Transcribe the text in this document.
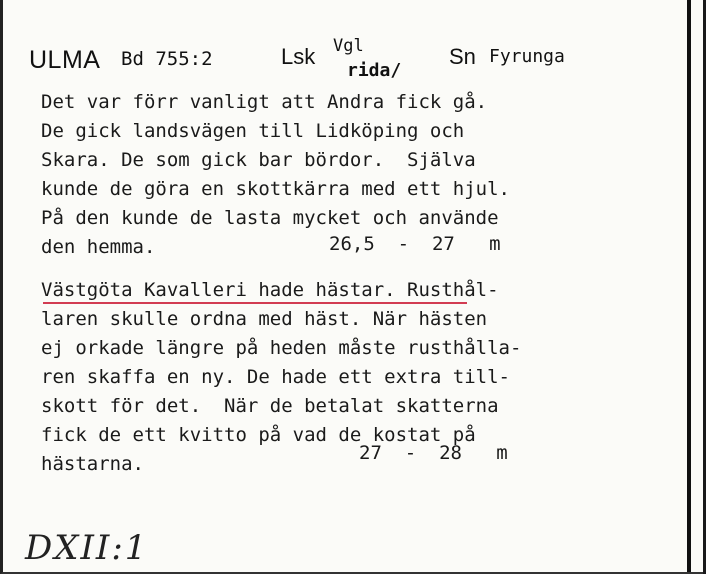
ULMA Bd 755:2	Lsk Vgl
rida/
Sn Fyrunga
Det var förr vanligt att Andra fick gå.
De gick landsvägen till Lidköping och
Skara. De som gick bar bördor.  Själva
kunde de göra en skottkärra med ett hjul.
På den kunde de lasta mycket och använde
den hemma.	26,5  -  27   m
Västgöta Kavalleri hade hästar. Rusthål-
laren skulle ordna med häst. När hästen
ej orkade längre på heden måste rusthålla-
ren skaffa en ny. De hade ett extra till-
skott för det.  När de betalat skatterna
fick de ett kvitto på vad de kostat på
hästarna.	27  -  28   m
DXII:1
